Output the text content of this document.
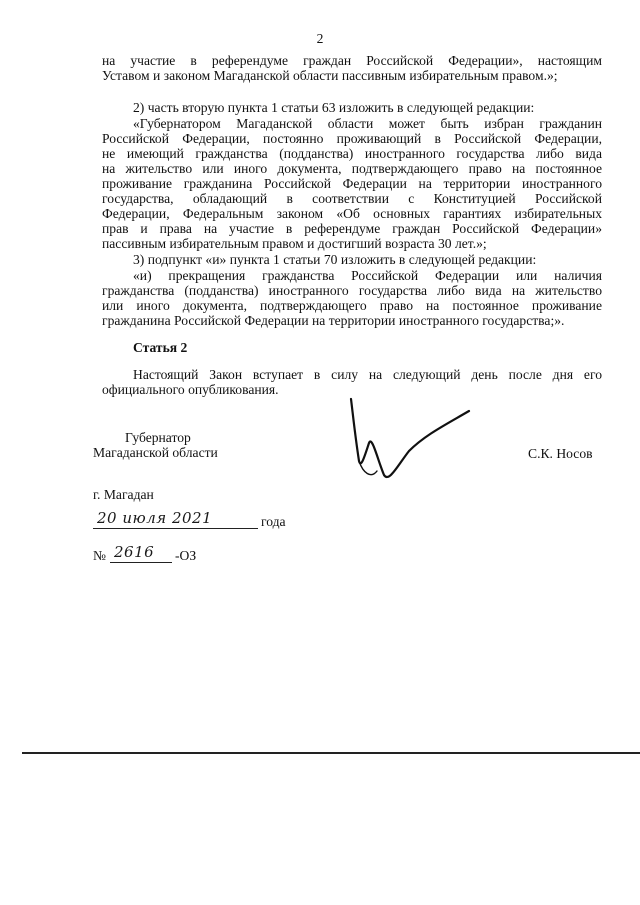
2
на участие в референдуме граждан Российской Федерации», настоящим
Уставом и законом Магаданской области пассивным избирательным правом.»;
2) часть вторую пункта 1 статьи 63 изложить в следующей редакции:
«Губернатором Магаданской области может быть избран гражданин
Российской Федерации, постоянно проживающий в Российской Федерации,
не имеющий гражданства (подданства) иностранного государства либо вида
на жительство или иного документа, подтверждающего право на постоянное
проживание гражданина Российской Федерации на территории иностранного
государства, обладающий в соответствии с Конституцией Российской
Федерации, Федеральным законом «Об основных гарантиях избирательных
прав и права на участие в референдуме граждан Российской Федерации»
пассивным избирательным правом и достигший возраста 30 лет.»;
3) подпункт «и» пункта 1 статьи 70 изложить в следующей редакции:
«и) прекращения гражданства Российской Федерации или наличия
гражданства (подданства) иностранного государства либо вида на жительство
или иного документа, подтверждающего право на постоянное проживание
гражданина Российской Федерации на территории иностранного государства;».
Статья 2
Настоящий Закон вступает в силу на следующий день после дня его
официального опубликования.
Губернатор
Магаданской области	С.К. Носов
г. Магадан
20 июля 2021	года
№ 2616 -ОЗ
